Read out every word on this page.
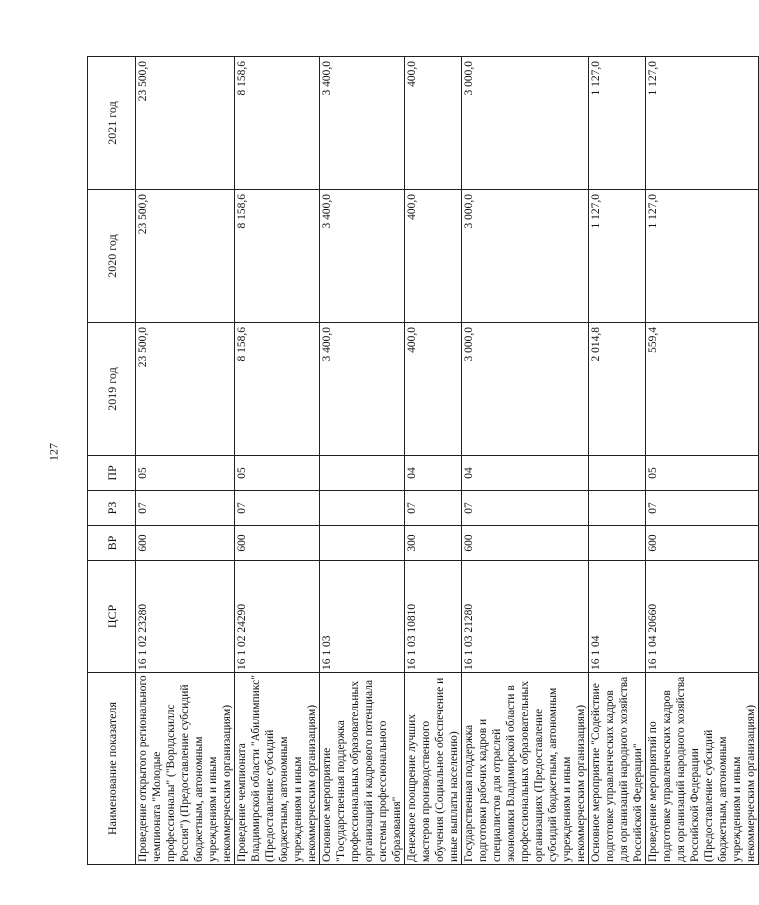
127
Наименование показателя	ЦСР	ВР	РЗ	ПР	2019 год	2020 год	2021 год
Проведение открытого регионального чемпионата "Молодые профессионалы" ("Ворлдскиллс Россия") (Предоставление субсидий бюджетным, автономным учреждениям и иным некоммерческим организациям)	16 1 02 23280	600	07	05	23 500,0	23 500,0	23 500,0
Проведение чемпионата Владимирской области "Абилимпикс" (Предоставление субсидий бюджетным, автономным учреждениям и иным некоммерческим организациям)	16 1 02 24290	600	07	05	8 158,6	8 158,6	8 158,6
Основное мероприятие "Государственная поддержка профессиональных образовательных организаций и кадрового потенциала системы профессионального образования"	16 1 03				3 400,0	3 400,0	3 400,0
Денежное поощрение лучших мастеров производственного обучения (Социальное обеспечение и иные выплаты населению)	16 1 03 10810	300	07	04	400,0	400,0	400,0
Государственная поддержка подготовки рабочих кадров и специалистов для отраслей экономики Владимирской области в профессиональных образовательных организациях (Предоставление субсидий бюджетным, автономным учреждениям и иным некоммерческим организациям)	16 1 03 21280	600	07	04	3 000,0	3 000,0	3 000,0
Основное мероприятие "Содействие подготовке управленческих кадров для организаций народного хозяйства Российской Федерации"	16 1 04				2 014,8	1 127,0	1 127,0
Проведение мероприятий по подготовке управленческих кадров для организаций народного хозяйства Российской Федерации (Предоставление субсидий бюджетным, автономным учреждениям и иным некоммерческим организациям)	16 1 04 20660	600	07	05	559,4	1 127,0	1 127,0
